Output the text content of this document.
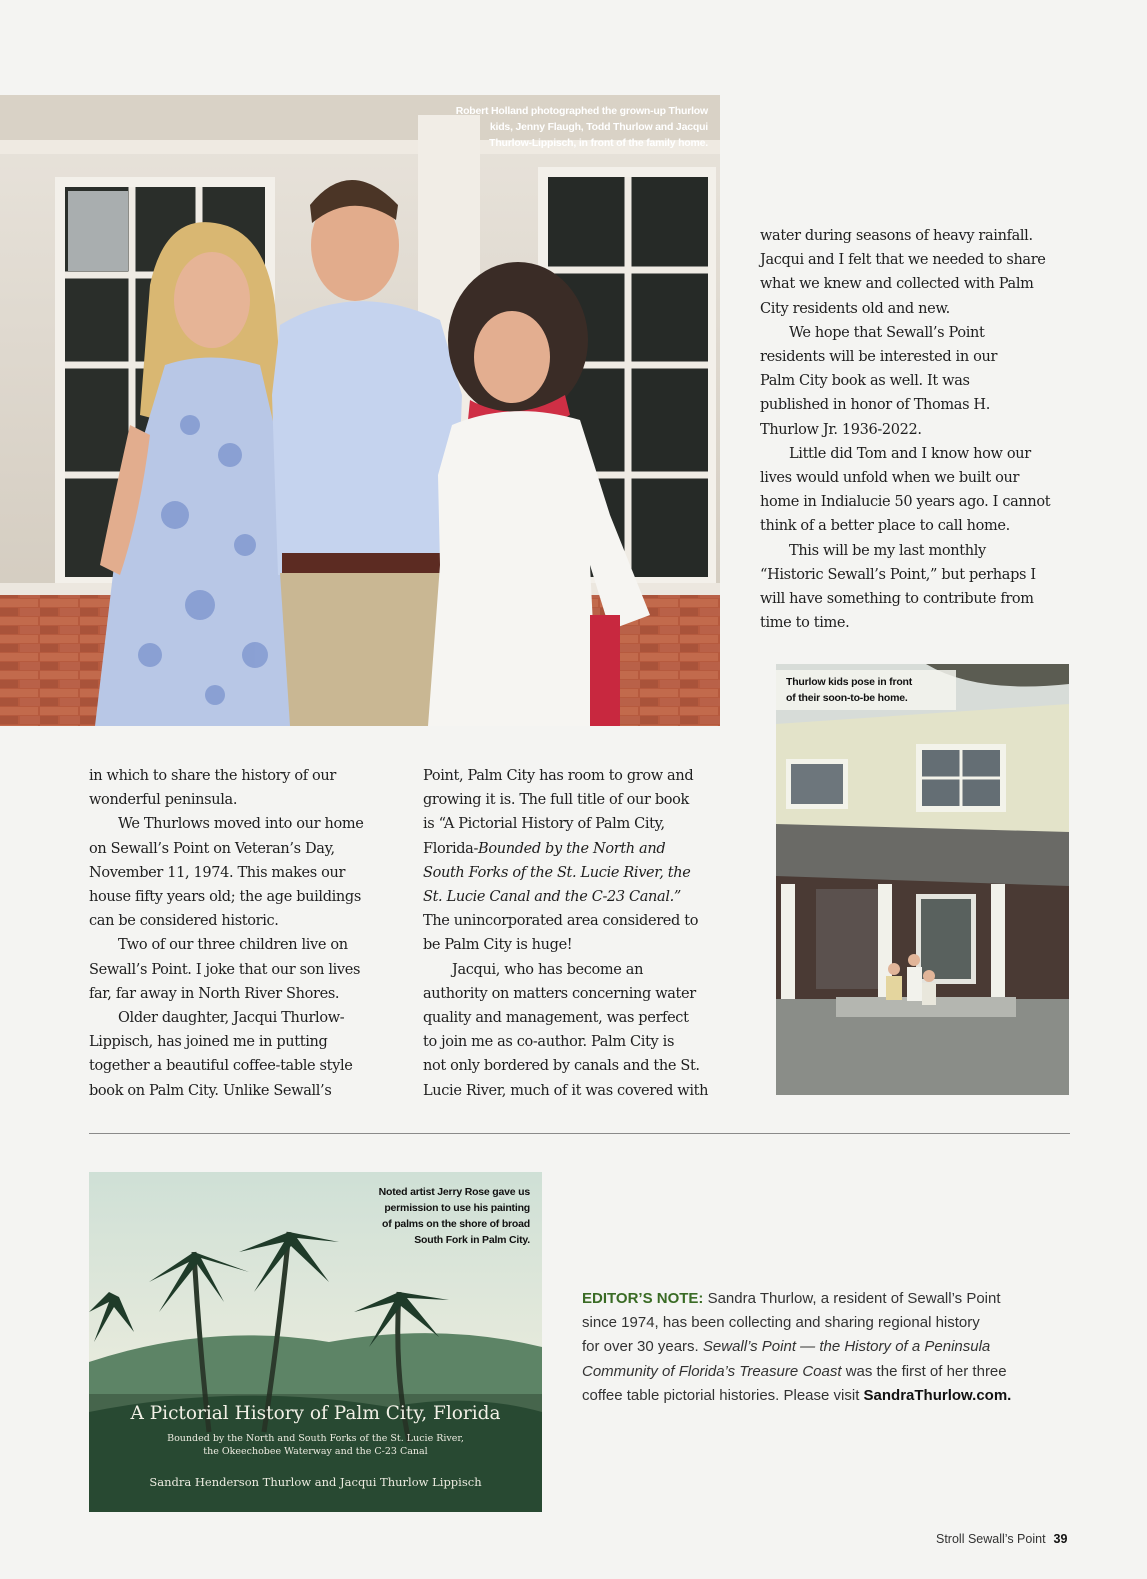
Robert Holland photographed the grown-up Thurlow
kids, Jenny Flaugh, Todd Thurlow and Jacqui
Thurlow-Lippisch, in front of the family home.
water during seasons of heavy rainfall.
Jacqui and I felt that we needed to share
what we knew and collected with Palm
City residents old and new.
We hope that Sewall’s Point
residents will be interested in our
Palm City book as well. It was
published in honor of Thomas H.
Thurlow Jr. 1936-2022.
Little did Tom and I know how our
lives would unfold when we built our
home in Indialucie 50 years ago. I cannot
think of a better place to call home.
This will be my last monthly
“Historic Sewall’s Point,” but perhaps I
will have something to contribute from
time to time.
Thurlow kids pose in front
of their soon-to-be home.
in which to share the history of our
wonderful peninsula.
We Thurlows moved into our home
on Sewall’s Point on Veteran’s Day,
November 11, 1974. This makes our
house fifty years old; the age buildings
can be considered historic.
Two of our three children live on
Sewall’s Point. I joke that our son lives
far, far away in North River Shores.
Older daughter, Jacqui Thurlow-
Lippisch, has joined me in putting
together a beautiful coffee-table style
book on Palm City. Unlike Sewall’s
Point, Palm City has room to grow and
growing it is. The full title of our book
is “A Pictorial History of Palm City,
Florida-Bounded by the North and
South Forks of the St. Lucie River, the
St. Lucie Canal and the C-23 Canal.”
The unincorporated area considered to
be Palm City is huge!
Jacqui, who has become an
authority on matters concerning water
quality and management, was perfect
to join me as co-author. Palm City is
not only bordered by canals and the St.
Lucie River, much of it was covered with
Noted artist Jerry Rose gave us
permission to use his painting
of palms on the shore of broad
South Fork in Palm City.
A Pictorial History of Palm City, Florida
Bounded by the North and South Forks of the St. Lucie River,
the Okeechobee Waterway and the C-23 Canal
Sandra Henderson Thurlow and Jacqui Thurlow Lippisch
EDITOR’S NOTE: Sandra Thurlow, a resident of Sewall’s Point
since 1974, has been collecting and sharing regional history
for over 30 years. Sewall’s Point — the History of a Peninsula
Community of Florida’s Treasure Coast was the first of her three
coffee table pictorial histories. Please visit SandraThurlow.com.
Stroll Sewall’s Point 39
